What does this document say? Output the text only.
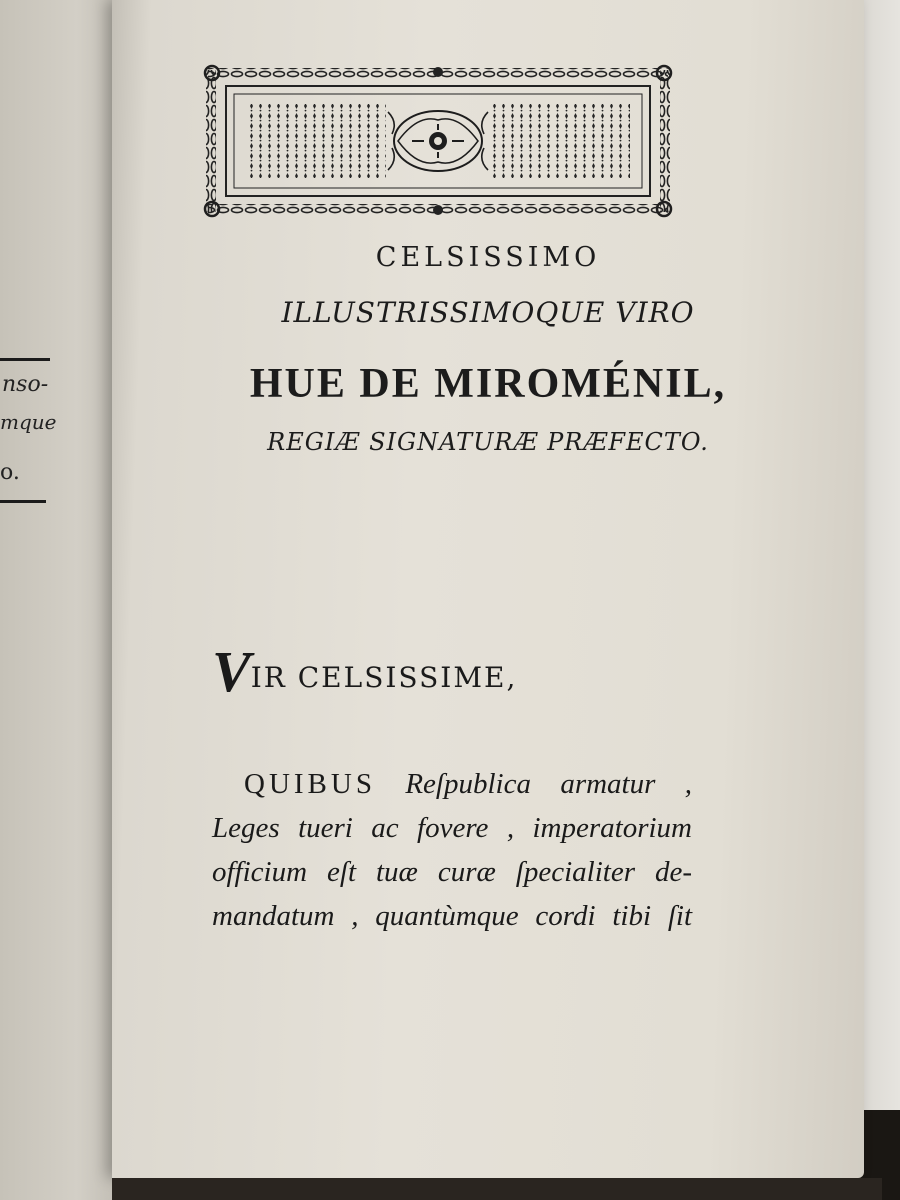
nso-
mque
o.
CELSISSIMO
ILLUSTRISSIMOQUE VIRO
HUE DE MIROMÉNIL,
REGIÆ SIGNATURÆ PRÆFECTO.
VIR CELSISSIME,
QUIBUS Reſpublica armatur ,
Leges tueri ac fovere , imperatorium
officium eſt tuæ curæ ſpecialiter de-
mandatum , quantùmque cordi tibi ſit
